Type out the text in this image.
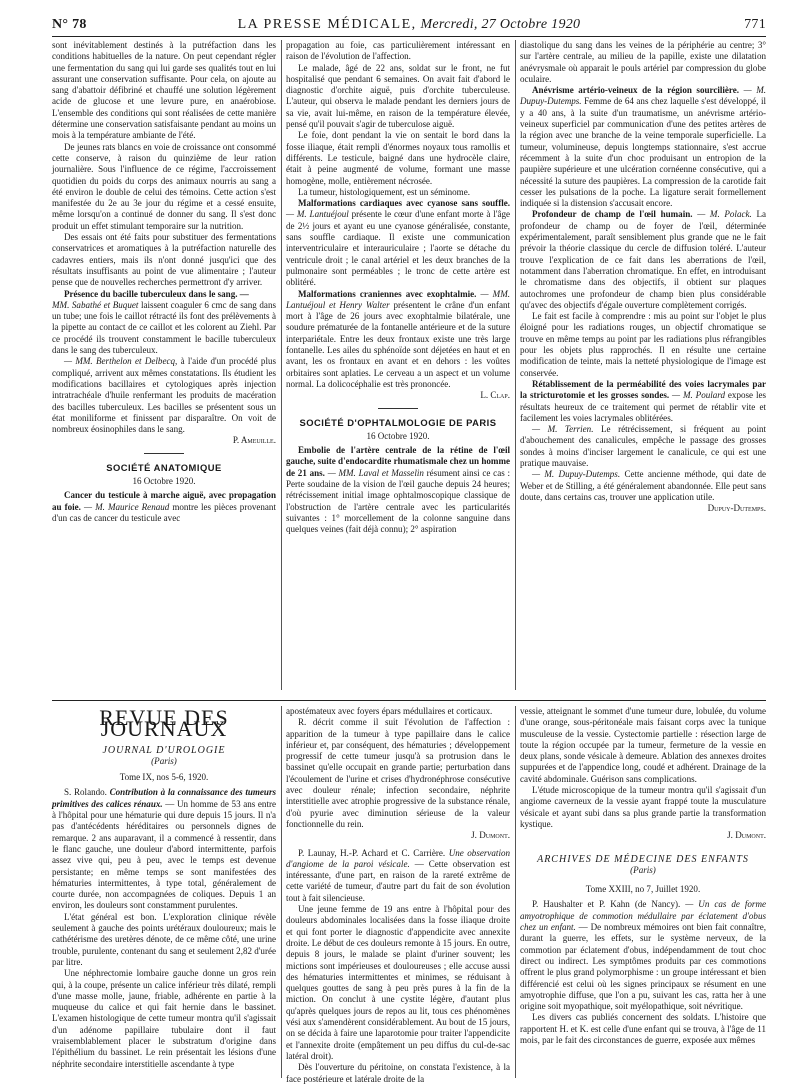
N° 78	LA PRESSE MÉDICALE, Mercredi, 27 Octobre 1920	771

sont inévitablement destinés à la putréfaction dans les conditions habituelles de la nature. On peut cependant régler une fermentation du sang qui lui garde ses qualités tout en lui assurant une conservation suffisante. Pour cela, on ajoute au sang d'abattoir défibriné et chauffé une solution légèrement acide de glucose et une levure pure, en anaérobiose. L'ensemble des conditions qui sont réalisées de cette manière détermine une conservation satisfaisante pendant au moins un mois à la température ambiante de l'été.

De jeunes rats blancs en voie de croissance ont consommé cette conserve, à raison du quinzième de leur ration journalière. Sous l'influence de ce régime, l'accroissement quotidien du poids du corps des animaux nourris au sang a été environ le double de celui des témoins. Cette action s'est manifestée du 2e au 3e jour du régime et a cessé ensuite, même lorsqu'on a continué de donner du sang. Il s'est donc produit un effet stimulant temporaire sur la nutrition.

Des essais ont été faits pour substituer des fermentations conservatrices et aromatiques à la putréfaction naturelle des cadavres entiers, mais ils n'ont donné jusqu'ici que des résultats insuffisants au point de vue alimentaire ; l'auteur pense que de nouvelles recherches permettront d'y arriver.

Présence du bacille tuberculeux dans le sang. —
MM. Sabathé et Buquet laissent coaguler 6 cmc de sang dans un tube; une fois le caillot rétracté ils font des prélèvements à la pipette au contact de ce caillot et les colorent au Ziehl. Par ce procédé ils trouvent constamment le bacille tuberculeux dans le sang des tuberculeux.

— MM. Berthelon et Delbecq, à l'aide d'un procédé plus compliqué, arrivent aux mêmes constatations. Ils étudient les modifications bacillaires et cytologiques après injection intratrachéale d'huile renfermant les produits de macération des bacilles tuberculeux. Les bacilles se présentent sous un état moniliforme et finissent par disparaître. On voit de nombreux éosinophiles dans le sang.

P. Ameuille.

SOCIÉTÉ ANATOMIQUE

16 Octobre 1920.

Cancer du testicule à marche aiguë, avec propagation au foie. — M. Maurice Renaud montre les pièces provenant d'un cas de cancer du testicule avec

propagation au foie, cas particulièrement intéressant en raison de l'évolution de l'affection.

Le malade, âgé de 22 ans, soldat sur le front, ne fut hospitalisé que pendant 6 semaines. On avait fait d'abord le diagnostic d'orchite aiguë, puis d'orchite tuberculeuse. L'auteur, qui observa le malade pendant les derniers jours de sa vie, avait lui-même, en raison de la température élevée, pensé qu'il pouvait s'agir de tuberculose aiguë.

Le foie, dont pendant la vie on sentait le bord dans la fosse iliaque, était rempli d'énormes noyaux tous ramollis et différents. Le testicule, baigné dans une hydrocèle claire, était à peine augmenté de volume, formant une masse homogène, molle, entièrement nécrosée.

La tumeur, histologiquement, est un séminome.

Malformations cardiaques avec cyanose sans souffle. — M. Lantuéjoul présente le cœur d'une enfant morte à l'âge de 2½ jours et ayant eu une cyanose généralisée, constante, sans souffle cardiaque. Il existe une communication interventriculaire et interauriculaire ; l'aorte se détache du ventricule droit ; le canal artériel et les deux branches de la pulmonaire sont perméables ; le tronc de cette artère est oblitéré.

Malformations craniennes avec exophtalmie. — MM. Lantuéjoul et Henry Walter présentent le crâne d'un enfant mort à l'âge de 26 jours avec exophtalmie bilatérale, une soudure prématurée de la fontanelle antérieure et de la suture interpariétale. Entre les deux frontaux existe une très large fontanelle. Les ailes du sphénoïde sont déjetées en haut et en avant, les os frontaux en avant et en dehors : les voûtes orbitaires sont aplaties. Le cerveau a un aspect et un volume normal. La dolicocéphalie est très prononcée.

L. Clap.

SOCIÉTÉ D'OPHTALMOLOGIE DE PARIS

16 Octobre 1920.

Embolie de l'artère centrale de la rétine de l'œil gauche, suite d'endocardite rhumatismale chez un homme de 21 ans. — MM. Laval et Masselin résument ainsi ce cas : Perte soudaine de la vision de l'œil gauche depuis 24 heures; rétrécissement initial image ophtalmoscopique classique de l'obstruction de l'artère centrale avec les particularités suivantes : 1° morcellement de la colonne sanguine dans quelques veines (fait déjà connu); 2° aspiration

diastolique du sang dans les veines de la périphérie au centre; 3° sur l'artère centrale, au milieu de la papille, existe une dilatation anévrysmale où apparait le pouls artériel par compression du globe oculaire.

Anévrisme artério-veineux de la région sourcilière. — M. Dupuy-Dutemps. Femme de 64 ans chez laquelle s'est développé, il y a 40 ans, à la suite d'un traumatisme, un anévrisme artério-veineux superficiel par communication d'une des petites artères de la région avec une branche de la veine temporale superficielle. La tumeur, volumineuse, depuis longtemps stationnaire, s'est accrue récemment à la suite d'un choc produisant un entropion de la paupière supérieure et une ulcération cornéenne consécutive, qui a nécessité la suture des paupières. La compression de la carotide fait cesser les pulsations de la poche. La ligature serait formellement indiquée si la distension s'accusait encore.

Profondeur de champ de l'œil humain. — M. Polack. La profondeur de champ ou de foyer de l'œil, déterminée expérimentalement, paraît sensiblement plus grande que ne le fait prévoir la théorie classique du cercle de diffusion toléré. L'auteur trouve l'explication de ce fait dans les aberrations de l'œil, notamment dans l'aberration chromatique. En effet, en introduisant le chromatisme dans des objectifs, il obtient sur plaques autochromes une profondeur de champ bien plus considérable qu'avec des objectifs d'égale ouverture complètement corrigés.

Le fait est facile à comprendre : mis au point sur l'objet le plus éloigné pour les radiations rouges, un objectif chromatique se trouve en même temps au point par les radiations plus réfrangibles pour les objets plus rapprochés. Il en résulte une certaine modification de teinte, mais la netteté physiologique de l'image est conservée.

Rétablissement de la perméabilité des voies lacrymales par la stricturotomie et les grosses sondes. — M. Poulard expose les résultats heureux de ce traitement qui permet de rétablir vite et facilement les voies lacrymales oblitérées.

— M. Terrien. Le rétrécissement, si fréquent au point d'abouchement des canalicules, empêche le passage des grosses sondes à moins d'inciser largement le canalicule, ce qui est une pratique mauvaise.

— M. Dupuy-Dutemps. Cette ancienne méthode, qui date de Weber et de Stilling, a été généralement abandonnée. Elle peut sans doute, dans certains cas, trouver une application utile.

Dupuy-Dutemps.

REVUE DES JOURNAUX

JOURNAL D'UROLOGIE

(Paris)

Tome IX, nos 5-6, 1920.

S. Rolando. Contribution à la connaissance des tumeurs primitives des calices rénaux. — Un homme de 53 ans entre à l'hôpital pour une hématurie qui dure depuis 15 jours. Il n'a pas d'antécédents héréditaires ou personnels dignes de remarque. 2 ans auparavant, il a commencé à ressentir, dans le flanc gauche, une douleur d'abord intermittente, parfois assez vive qui, peu à peu, avec le temps est devenue persistante; en même temps se sont manifestées des hématuries intermittentes, à type total, généralement de courte durée, non accompagnées de coliques. Depuis 1 an environ, les douleurs sont constamment purulentes.

L'état général est bon. L'exploration clinique révèle seulement à gauche des points urétéraux douloureux; mais le cathétérisme des uretères dénote, de ce même côté, une urine trouble, purulente, contenant du sang et seulement 2,82 d'urée par litre.

Une néphrectomie lombaire gauche donne un gros rein qui, à la coupe, présente un calice inférieur très dilaté, rempli d'une masse molle, jaune, friable, adhérente en partie à la muqueuse du calice et qui fait hernie dans le bassinet. L'examen histologique de cette tumeur montra qu'il s'agissait d'un adénome papillaire tubulaire dont il faut vraisemblablement placer le substratum d'origine dans l'épithélium du bassinet. Le rein présentait les lésions d'une néphrite secondaire interstitielle ascendante à type

apostémateux avec foyers épars médullaires et corticaux.

R. décrit comme il suit l'évolution de l'affection : apparition de la tumeur à type papillaire dans le calice inférieur et, par conséquent, des hématuries ; développement progressif de cette tumeur jusqu'à sa protrusion dans le bassinet qu'elle occupait en grande partie; perturbation dans l'écoulement de l'urine et crises d'hydronéphrose consécutive avec douleur rénale; infection secondaire, néphrite interstitielle avec atrophie progressive de la substance rénale, d'où pyurie avec diminution sérieuse de la valeur fonctionnelle du rein.

J. Dumont.

P. Launay, H.-P. Achard et C. Carrière. Une observation d'angiome de la paroi vésicale. — Cette observation est intéressante, d'une part, en raison de la rareté extrême de cette variété de tumeur, d'autre part du fait de son évolution tout à fait silencieuse.

Une jeune femme de 19 ans entre à l'hôpital pour des douleurs abdominales localisées dans la fosse iliaque droite et qui font porter le diagnostic d'appendicite avec annexite droite. Le début de ces douleurs remonte à 15 jours. En outre, depuis 8 jours, le malade se plaint d'uriner souvent; les mictions sont impérieuses et douloureuses ; elle accuse aussi des hématuries intermittentes et minimes, se réduisant à quelques gouttes de sang à peu près pures à la fin de la miction. On conclut à une cystite légère, d'autant plus qu'après quelques jours de repos au lit, tous ces phénomènes vési aux s'amendèrent considérablement. Au bout de 15 jours, on se décida à faire une laparotomie pour traiter l'appendicite et l'annexite droite (empâtement un peu diffus du cul-de-sac latéral droit).

Dès l'ouverture du péritoine, on constata l'existence, à la face postérieure et latérale droite de la

vessie, atteignant le sommet d'une tumeur dure, lobulée, du volume d'une orange, sous-péritonéale mais faisant corps avec la tunique musculeuse de la vessie. Cystectomie partielle : résection large de toute la région occupée par la tumeur, fermeture de la vessie en deux plans, sonde vésicale à demeure. Ablation des annexes droites suppurées et de l'appendice long, coudé et adhérent. Drainage de la cavité abdominale. Guérison sans complications.

L'étude microscopique de la tumeur montra qu'il s'agissait d'un angiome caverneux de la vessie ayant frappé toute la musculature vésicale et ayant subi dans sa plus grande partie la transformation kystique.

J. Dumont.

ARCHIVES DE MÉDECINE DES ENFANTS

(Paris)

Tome XXIII, no 7, Juillet 1920.

P. Haushalter et P. Kahn (de Nancy). — Un cas de forme amyotrophique de commotion médullaire par éclatement d'obus chez un enfant. — De nombreux mémoires ont bien fait connaître, durant la guerre, les effets, sur le système nerveux, de la commotion par éclatement d'obus, indépendamment de tout choc direct ou indirect. Les symptômes produits par ces commotions offrent le plus grand polymorphisme : un groupe intéressant et bien différencié est celui où les signes principaux se résument en une amyotrophie diffuse, que l'on a pu, suivant les cas, ratta her à une origine soit myopathique, soit myélopathique, soit névritique.

Les divers cas publiés concernent des soldats. L'histoire que rapportent H. et K. est celle d'une enfant qui se trouva, à l'âge de 11 mois, par le fait des circonstances de guerre, exposée aux mêmes
